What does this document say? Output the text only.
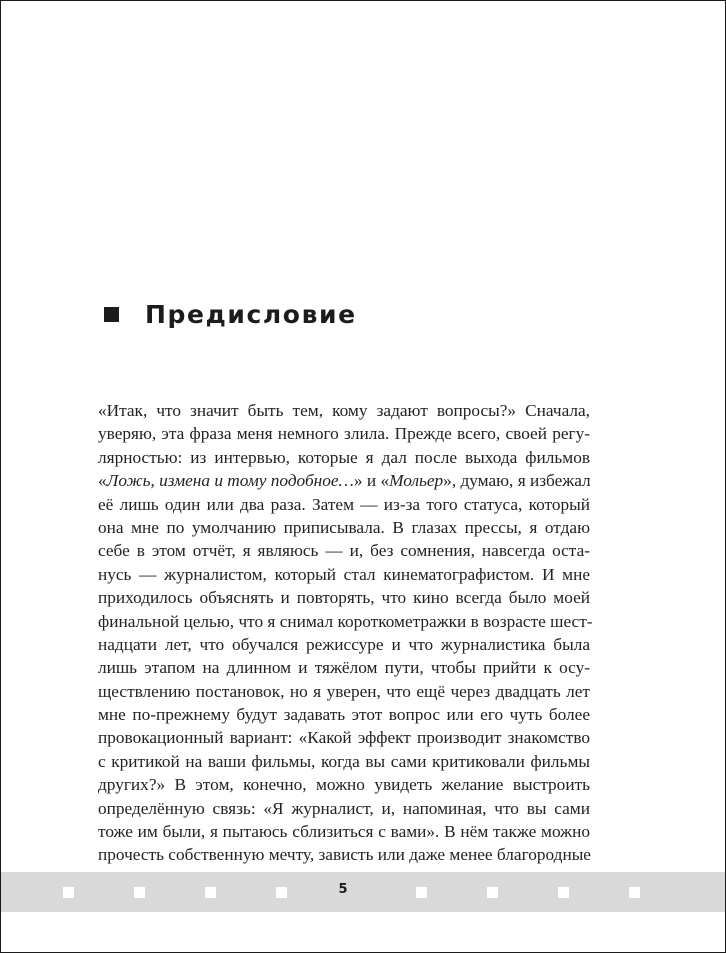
Предисловие
«Итак, что значит быть тем, кому задают вопросы?» Сначала,
уверяю, эта фраза меня немного злила. Прежде всего, своей регу-
лярностью: из интервью, которые я дал после выхода фильмов
«Ложь, измена и тому подобное…» и «Мольер», думаю, я избежал
её лишь один или два раза. Затем — из-за того статуса, который
она мне по умолчанию приписывала. В глазах прессы, я отдаю
себе в этом отчёт, я являюсь — и, без сомнения, навсегда оста-
нусь — журналистом, который стал кинематографистом. И мне
приходилось объяснять и повторять, что кино всегда было моей
финальной целью, что я снимал короткометражки в возрасте шест-
надцати лет, что обучался режиссуре и что журналистика была
лишь этапом на длинном и тяжёлом пути, чтобы прийти к осу-
ществлению постановок, но я уверен, что ещё через двадцать лет
мне по-прежнему будут задавать этот вопрос или его чуть более
провокационный вариант: «Какой эффект производит знакомство
с критикой на ваши фильмы, когда вы сами критиковали фильмы
других?» В этом, конечно, можно увидеть желание выстроить
определённую связь: «Я журналист, и, напоминая, что вы сами
тоже им были, я пытаюсь сблизиться с вами». В нём также можно
прочесть собственную мечту, зависть или даже менее благородные
5
